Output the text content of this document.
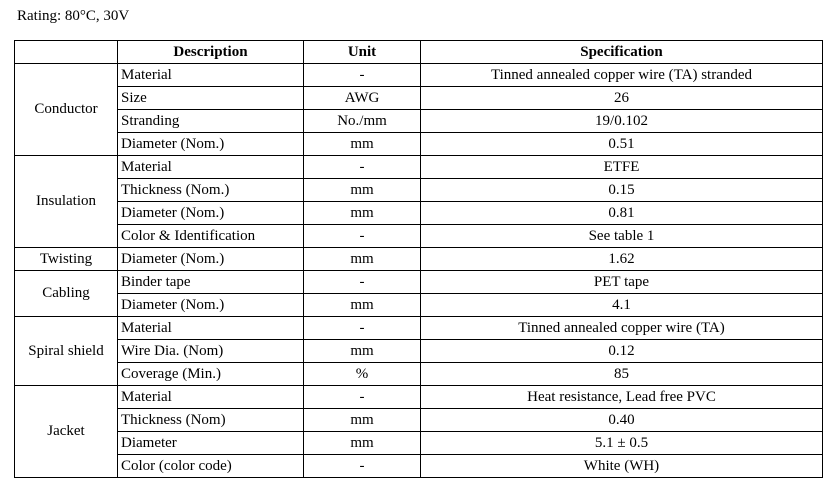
Rating: 80°C, 30V
	Description	Unit	Specification
Conductor	Material	-	Tinned annealed copper wire (TA) stranded
	Size	AWG	26
	Stranding	No./mm	19/0.102
	Diameter (Nom.)	mm	0.51
Insulation	Material	-	ETFE
	Thickness (Nom.)	mm	0.15
	Diameter (Nom.)	mm	0.81
	Color & Identification	-	See table 1
Twisting	Diameter (Nom.)	mm	1.62
Cabling	Binder tape	-	PET tape
	Diameter (Nom.)	mm	4.1
Spiral shield	Material	-	Tinned annealed copper wire (TA)
	Wire Dia. (Nom)	mm	0.12
	Coverage (Min.)	%	85
Jacket	Material	-	Heat resistance, Lead free PVC
	Thickness (Nom)	mm	0.40
	Diameter	mm	5.1 ± 0.5
	Color (color code)	-	White (WH)
